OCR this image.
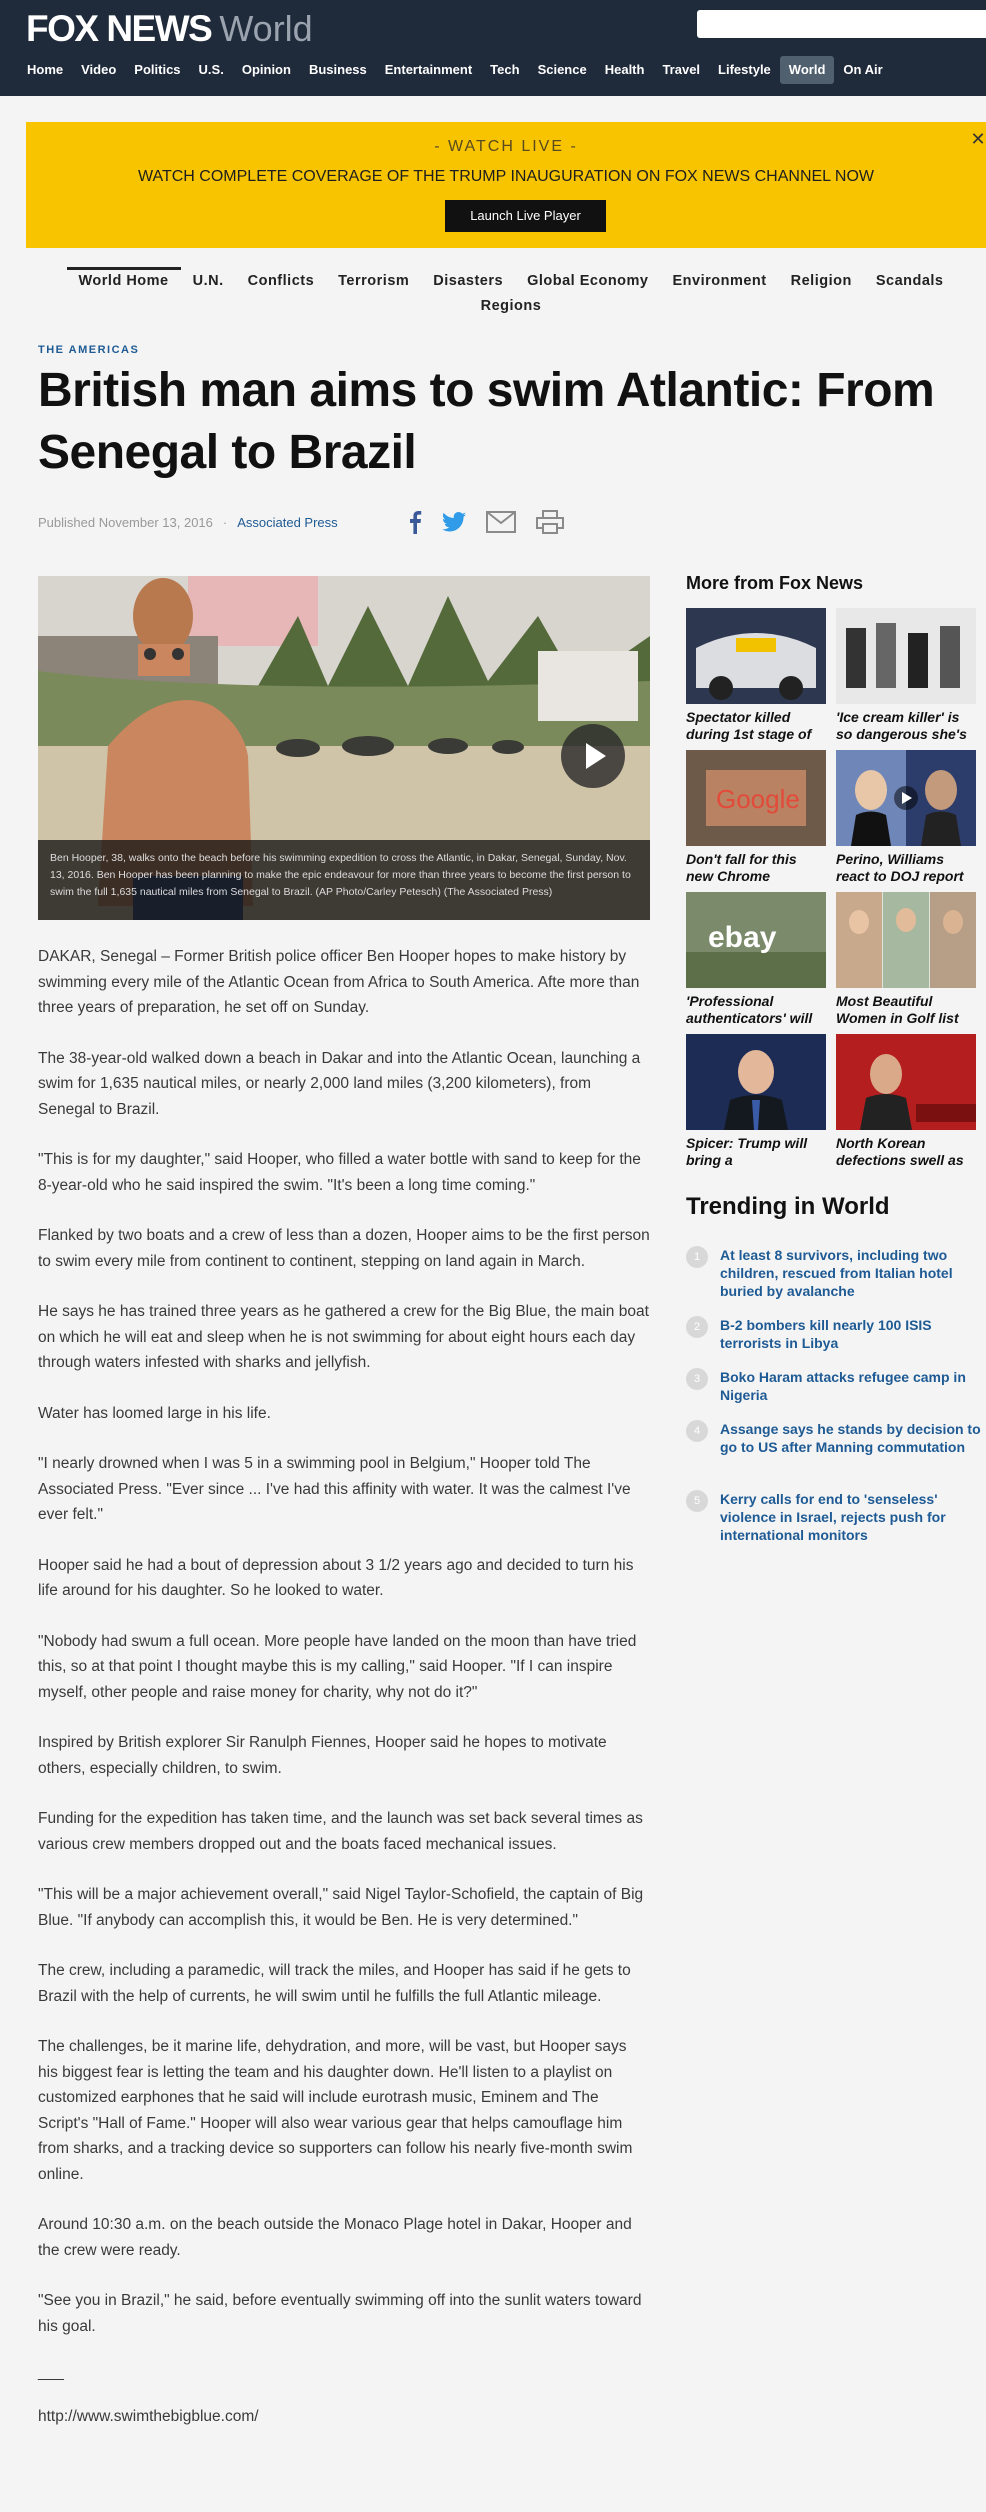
FOX NEWS World
Home	Video	Politics	U.S.	Opinion	Business	Entertainment	Tech	Science	Health	Travel	Lifestyle	World	On Air
- WATCH LIVE -
WATCH COMPLETE COVERAGE OF THE TRUMP INAUGURATION ON FOX NEWS CHANNEL NOW
Launch Live Player
✕
World Home	U.N.	Conflicts	Terrorism	Disasters	Global Economy	Environment	Religion	Scandals
Regions
THE AMERICAS
British man aims to swim Atlantic: From Senegal to Brazil
Published November 13, 2016 · Associated Press
Ben Hooper, 38, walks onto the beach before his swimming expedition to cross the Atlantic, in Dakar, Senegal, Sunday, Nov. 13, 2016. Ben Hooper has been planning to make the epic endeavour for more than three years to become the first person to swim the full 1,635 nautical miles from Senegal to Brazil. (AP Photo/Carley Petesch) (The Associated Press)

DAKAR, Senegal – Former British police officer Ben Hooper hopes to make history by swimming every mile of the Atlantic Ocean from Africa to South America. Afte more than three years of preparation, he set off on Sunday.

The 38-year-old walked down a beach in Dakar and into the Atlantic Ocean, launching a swim for 1,635 nautical miles, or nearly 2,000 land miles (3,200 kilometers), from Senegal to Brazil.

"This is for my daughter," said Hooper, who filled a water bottle with sand to keep for the 8-year-old who he said inspired the swim. "It's been a long time coming."

Flanked by two boats and a crew of less than a dozen, Hooper aims to be the first person to swim every mile from continent to continent, stepping on land again in March.

He says he has trained three years as he gathered a crew for the Big Blue, the main boat on which he will eat and sleep when he is not swimming for about eight hours each day through waters infested with sharks and jellyfish.

Water has loomed large in his life.

"I nearly drowned when I was 5 in a swimming pool in Belgium," Hooper told The Associated Press. "Ever since ... I've had this affinity with water. It was the calmest I've ever felt."

Hooper said he had a bout of depression about 3 1/2 years ago and decided to turn his life around for his daughter. So he looked to water.

"Nobody had swum a full ocean. More people have landed on the moon than have tried this, so at that point I thought maybe this is my calling," said Hooper. "If I can inspire myself, other people and raise money for charity, why not do it?"

Inspired by British explorer Sir Ranulph Fiennes, Hooper said he hopes to motivate others, especially children, to swim.

Funding for the expedition has taken time, and the launch was set back several times as various crew members dropped out and the boats faced mechanical issues.

"This will be a major achievement overall," said Nigel Taylor-Schofield, the captain of Big Blue. "If anybody can accomplish this, it would be Ben. He is very determined."

The crew, including a paramedic, will track the miles, and Hooper has said if he gets to Brazil with the help of currents, he will swim until he fulfills the full Atlantic mileage.

The challenges, be it marine life, dehydration, and more, will be vast, but Hooper says his biggest fear is letting the team and his daughter down. He'll listen to a playlist on customized earphones that he said will include eurotrash music, Eminem and The Script's "Hall of Fame." Hooper will also wear various gear that helps camouflage him from sharks, and a tracking device so supporters can follow his nearly five-month swim online.

Around 10:30 a.m. on the beach outside the Monaco Plage hotel in Dakar, Hooper and the crew were ready.

"See you in Brazil," he said, before eventually swimming off into the sunlit waters toward his goal.

___
http://www.swimthebigblue.com/
More from Fox News
Spectator killed during 1st stage of
'Ice cream killer' is so dangerous she's
Google
Don't fall for this new Chrome
Perino, Williams react to DOJ report
ebay
'Professional authenticators' will
Most Beautiful Women in Golf list
Spicer: Trump will bring a
North Korean defections swell as
Trending in World
1	At least 8 survivors, including two children, rescued from Italian hotel buried by avalanche
2	B-2 bombers kill nearly 100 ISIS terrorists in Libya
3	Boko Haram attacks refugee camp in Nigeria
4	Assange says he stands by decision to go to US after Manning commutation
5	Kerry calls for end to 'senseless' violence in Israel, rejects push for international monitors
